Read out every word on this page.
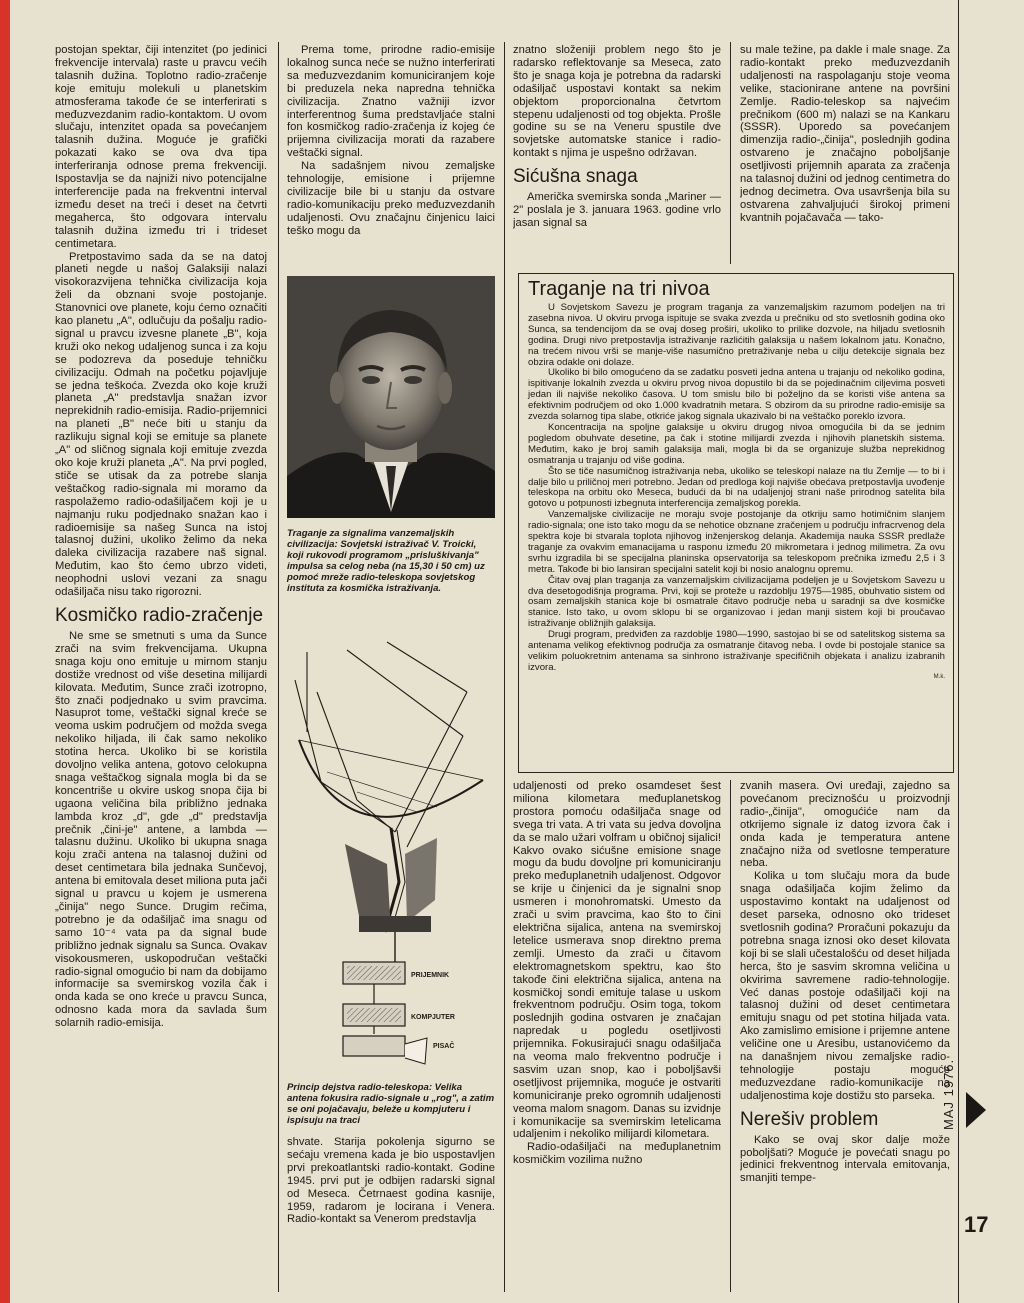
postojan spektar, čiji intenzitet (po jedinici frekvencije intervala) raste u pravcu većih talasnih dužina. Toplotno radio-zračenje koje emituju molekuli u planetskim atmosferama takođe će se interferirati s međuzvezdanim radio-kontaktom. U ovom slučaju, intenzitet opada sa povećanjem talasnih dužina. Moguće je grafički pokazati kako se ova dva tipa interferiranja odnose prema frekvenciji. Ispostavlja se da najniži nivo potencijalne interferencije pada na frekventni interval između deset na treći i deset na četvrti megaherca, što odgovara intervalu talasnih dužina između tri i trideset centimetara.

Pretpostavimo sada da se na datoj planeti negde u našoj Galaksiji nalazi visokorazvijena tehnička civilizacija koja želi da obznani svoje postojanje. Stanovnici ove planete, koju ćemo označiti kao planetu „A", odlučuju da pošalju radio-signal u pravcu izvesne planete „B", koja kruži oko nekog udaljenog sunca i za koju se podozreva da poseduje tehničku civilizaciju. Odmah na početku pojavljuje se jedna teškoća. Zvezda oko koje kruži planeta „A" predstavlja snažan izvor neprekidnih radio-emisija. Radio-prijemnici na planeti „B" neće biti u stanju da razlikuju signal koji se emituje sa planete „A" od sličnog signala koji emituje zvezda oko koje kruži planeta „A". Na prvi pogled, stiče se utisak da za potrebe slanja veštačkog radio-signala mi moramo da raspolažemo radio-odašiljačem koji je u najmanju ruku podjednako snažan kao i radioemisije sa našeg Sunca na istoj talasnoj dužini, ukoliko želimo da neka daleka civilizacija razabere naš signal. Međutim, kao što ćemo ubrzo videti, neophodni uslovi vezani za snagu odašiljača nisu tako rigorozni.

Kosmičko radio-zračenje

Ne sme se smetnuti s uma da Sunce zrači na svim frekvencijama. Ukupna snaga koju ono emituje u mirnom stanju dostiže vrednost od više desetina milijardi kilovata. Međutim, Sunce zrači izotropno, što znači podjednako u svim pravcima. Nasuprot tome, veštački signal kreće se veoma uskim područjem od možda svega nekoliko hiljada, ili čak samo nekoliko stotina herca. Ukoliko bi se koristila dovoljno velika antena, gotovo celokupna snaga veštačkog signala mogla bi da se koncentriše u okvire uskog snopa čija bi ugaona veličina bila približno jednaka lambda kroz „d", gde „d" predstavlja prečnik „čini-je" antene, a lambda — talasnu dužinu. Ukoliko bi ukupna snaga koju zrači antena na talasnoj dužini od deset centimetara bila jednaka Sunčevoj, antena bi emitovala deset miliona puta jači signal u pravcu u kojem je usmerena „činija" nego Sunce. Drugim rečima, potrebno je da odašiljač ima snagu od samo 10⁻⁴ vata pa da signal bude približno jednak signalu sa Sunca. Ovakav visokousmeren, uskopodručan veštački radio-signal omogućio bi nam da dobijamo informacije sa svemirskog vozila čak i onda kada se ono kreće u pravcu Sunca, odnosno kada mora da savlada šum solarnih radio-emisija.

Prema tome, prirodne radio-emisije lokalnog sunca neće se nužno interferirati sa međuzvezdanim komuniciranjem koje bi preduzela neka napredna tehnička civilizacija. Znatno važniji izvor interferentnog šuma predstavljaće stalni fon kosmičkog radio-zračenja iz kojeg će prijemna civilizacija morati da razabere veštački signal.

Na sadašnjem nivou zemaljske tehnologije, emisione i prijemne civilizacije bile bi u stanju da ostvare radio-komunikaciju preko međuzvezdanih udaljenosti. Ovu značajnu činjenicu laici teško mogu da

Traganje za signalima vanzemaljskih civilizacija: Sovjetski istraživač V. Troicki, koji rukovodi programom „prisluškivanja" impulsa sa celog neba (na 15,30 i 50 cm) uz pomoć mreže radio-teleskopa sovjetskog instituta za kosmička istraživanja.
PRIJEMNIK
KOMPJUTER
PISAČ
Princip dejstva radio-teleskopa: Velika antena fokusira radio-signale u „rog", a zatim se oni pojačavaju, beleže u kompjuteru i ispisuju na traci

shvate. Starija pokolenja sigurno se sećaju vremena kada je bio uspostavljen prvi prekoatlantski radio-kontakt. Godine 1945. prvi put je odbijen radarski signal od Meseca. Četrnaest godina kasnije, 1959, radarom je locirana i Venera. Radio-kontakt sa Venerom predstavlja

znatno složeniji problem nego što je radarsko reflektovanje sa Meseca, zato što je snaga koja je potrebna da radarski odašiljač uspostavi kontakt sa nekim objektom proporcionalna četvrtom stepenu udaljenosti od tog objekta. Prošle godine su se na Veneru spustile dve sovjetske automatske stanice i radio-kontakt s njima je uspešno održavan.

Sićušna snaga

Američka svemirska sonda „Mariner — 2" poslala je 3. januara 1963. godine vrlo jasan signal sa

su male težine, pa dakle i male snage. Za radio-kontakt preko međuzvezdanih udaljenosti na raspolaganju stoje veoma velike, stacionirane antene na površini Zemlje. Radio-teleskop sa najvećim prečnikom (600 m) nalazi se na Kankaru (SSSR). Uporedo sa povećanjem dimenzija radio-„činija", poslednjih godina ostvareno je značajno poboljšanje osetljivosti prijemnih aparata za zračenja na talasnoj dužini od jednog centimetra do jednog decimetra. Ova usavršenja bila su ostvarena zahvaljujući širokoj primeni kvantnih pojačavača — tako-

Traganje na tri nivoa

U Sovjetskom Savezu je program traganja za vanzemaljskim razumom podeljen na tri zasebna nivoa. U okviru prvoga ispituje se svaka zvezda u prečniku od sto svetlosnih godina oko Sunca, sa tendencijom da se ovaj doseg proširi, ukoliko to prilike dozvole, na hiljadu svetlosnih godina. Drugi nivo pretpostavlja istraživanje razlićitih galaksija u našem lokalnom jatu. Konačno, na trećem nivou vrši se manje-više nasumično pretraživanje neba u cilju detekcije signala bez obzira odakle oni dolaze.

Ukoliko bi bilo omogućeno da se zadatku posveti jedna antena u trajanju od nekoliko godina, ispitivanje lokalnih zvezda u okviru prvog nivoa dopustilo bi da se pojedinačnim ciljevima posveti jedan ili najviše nekoliko časova. U tom smislu bilo bi poželjno da se koristi više antena sa efektivnim područjem od oko 1.000 kvadratnih metara. S obzirom da su prirodne radio-emisije sa zvezda solarnog tipa slabe, otkriće jakog signala ukazivalo bi na veštačko poreklo izvora.

Koncentracija na spoljne galaksije u okviru drugog nivoa omogućila bi da se jednim pogledom obuhvate desetine, pa čak i stotine milijardi zvezda i njihovih planetskih sistema. Međutim, kako je broj samih galaksija mali, mogla bi da se organizuje služba neprekidnog osmatranja u trajanju od više godina.

Što se tiče nasumičnog istraživanja neba, ukoliko se teleskopi nalaze na tlu Zemlje — to bi i dalje bilo u priličnoj meri potrebno. Jedan od predloga koji najviše obećava pretpostavlja uvođenje teleskopa na orbitu oko Meseca, budući da bi na udaljenjoj strani naše prirodnog satelita bila gotovo u potpunosti izbegnuta interferencija zemaljskog porekla.

Vanzemaljske civilizacije ne moraju svoje postojanje da otkriju samo hotimičnim slanjem radio-signala; one isto tako mogu da se nehotice obznane zračenjem u području infracrvenog dela spektra koje bi stvarala toplota njihovog inženjerskog delanja. Akademija nauka SSSR predlaže traganje za ovakvim emanacijama u rasponu između 20 mikrometara i jednog milimetra. Za ovu svrhu izgradila bi se specijalna planinska opservatorija sa teleskopom prečnika između 2,5 i 3 metra. Takođe bi bio lansiran specijalni satelit koji bi nosio analognu opremu.

Čitav ovaj plan traganja za vanzemaljskim civilizacijama podeljen je u Sovjetskom Savezu u dva desetogodišnja programa. Prvi, koji se proteže u razdoblju 1975—1985, obuhvatio sistem od osam zemaljskih stanica koje bi osmatrale čitavo područje neba u saradnji sa dve kosmičke stanice. Isto tako, u ovom sklopu bi se organizovao i jedan manji sistem koji bi proučavao istraživanje obližnjih galaksija.

Drugi program, predviđen za razdoblje 1980—1990, sastojao bi se od satelitskog sistema sa antenama velikog efektivnog područja za osmatranje čitavog neba. I ovde bi postojale stanice sa velikim poluokretnim antenama sa sinhrono istraživanje specifičnih objekata i analizu izabranih izvora.

M.k.

udaljenosti od preko osamdeset šest miliona kilometara međuplanetskog prostora pomoću odašiljača snage od svega tri vata. A tri vata su jedva dovoljna da se malo užari volfram u običnoj sijalici! Kakvo ovako sićušne emisione snage mogu da budu dovoljne pri komuniciranju preko međuplanetnih udaljenost. Odgovor se krije u činjenici da je signalni snop usmeren i monohromatski. Umesto da zrači u svim pravcima, kao što to čini električna sijalica, antena na svemirskoj letelice usmerava snop direktno prema zemlji. Umesto da zrači u čitavom elektromagnetskom spektru, kao što takođe čini električna sijalica, antena na kosmičkoj sondi emituje talase u uskom frekventnom području. Osim toga, tokom poslednjih godina ostvaren je značajan napredak u pogledu osetljivosti prijemnika. Fokusirajući snagu odašiljača na veoma malo frekventno područje i sasvim uzan snop, kao i poboljšavši osetljivost prijemnika, moguće je ostvariti komuniciranje preko ogromnih udaljenosti veoma malom snagom. Danas su izvidnje i komunikacije sa svemirskim letelicama udaljenim i nekoliko milijardi kilometara.

Radio-odašiljači na međuplanetnim kosmičkim vozilima nužno

zvanih masera. Ovi uređaji, zajedno sa povećanom preciznošću u proizvodnji radio-„činija", omogućiće nam da otkrijemo signale iz datog izvora čak i onda kada je temperatura antene značajno niža od svetlosne temperature neba.

Kolika u tom slučaju mora da bude snaga odašiljača kojim želimo da uspostavimo kontakt na udaljenost od deset parseka, odnosno oko trideset svetlosnih godina? Proračuni pokazuju da potrebna snaga iznosi oko deset kilovata koji bi se slali učestalošću od deset hiljada herca, što je sasvim skromna veličina u okvirima savremene radio-tehnologije. Već danas postoje odašiljači koji na talasnoj dužini od deset centimetara emituju snagu od pet stotina hiljada vata. Ako zamislimo emisione i prijemne antene veličine one u Aresibu, ustanovićemo da na današnjem nivou zemaljske radio-tehnologije postaju moguće međuzvezdane radio-komunikacije na udaljenostima koje dostižu sto parseka.

Nerešiv problem

Kako se ovaj skor dalje može poboljšati? Moguće je povećati snagu po jedinici frekventnog intervala emitovanja, smanjiti tempe-

MAJ 1976.
17
